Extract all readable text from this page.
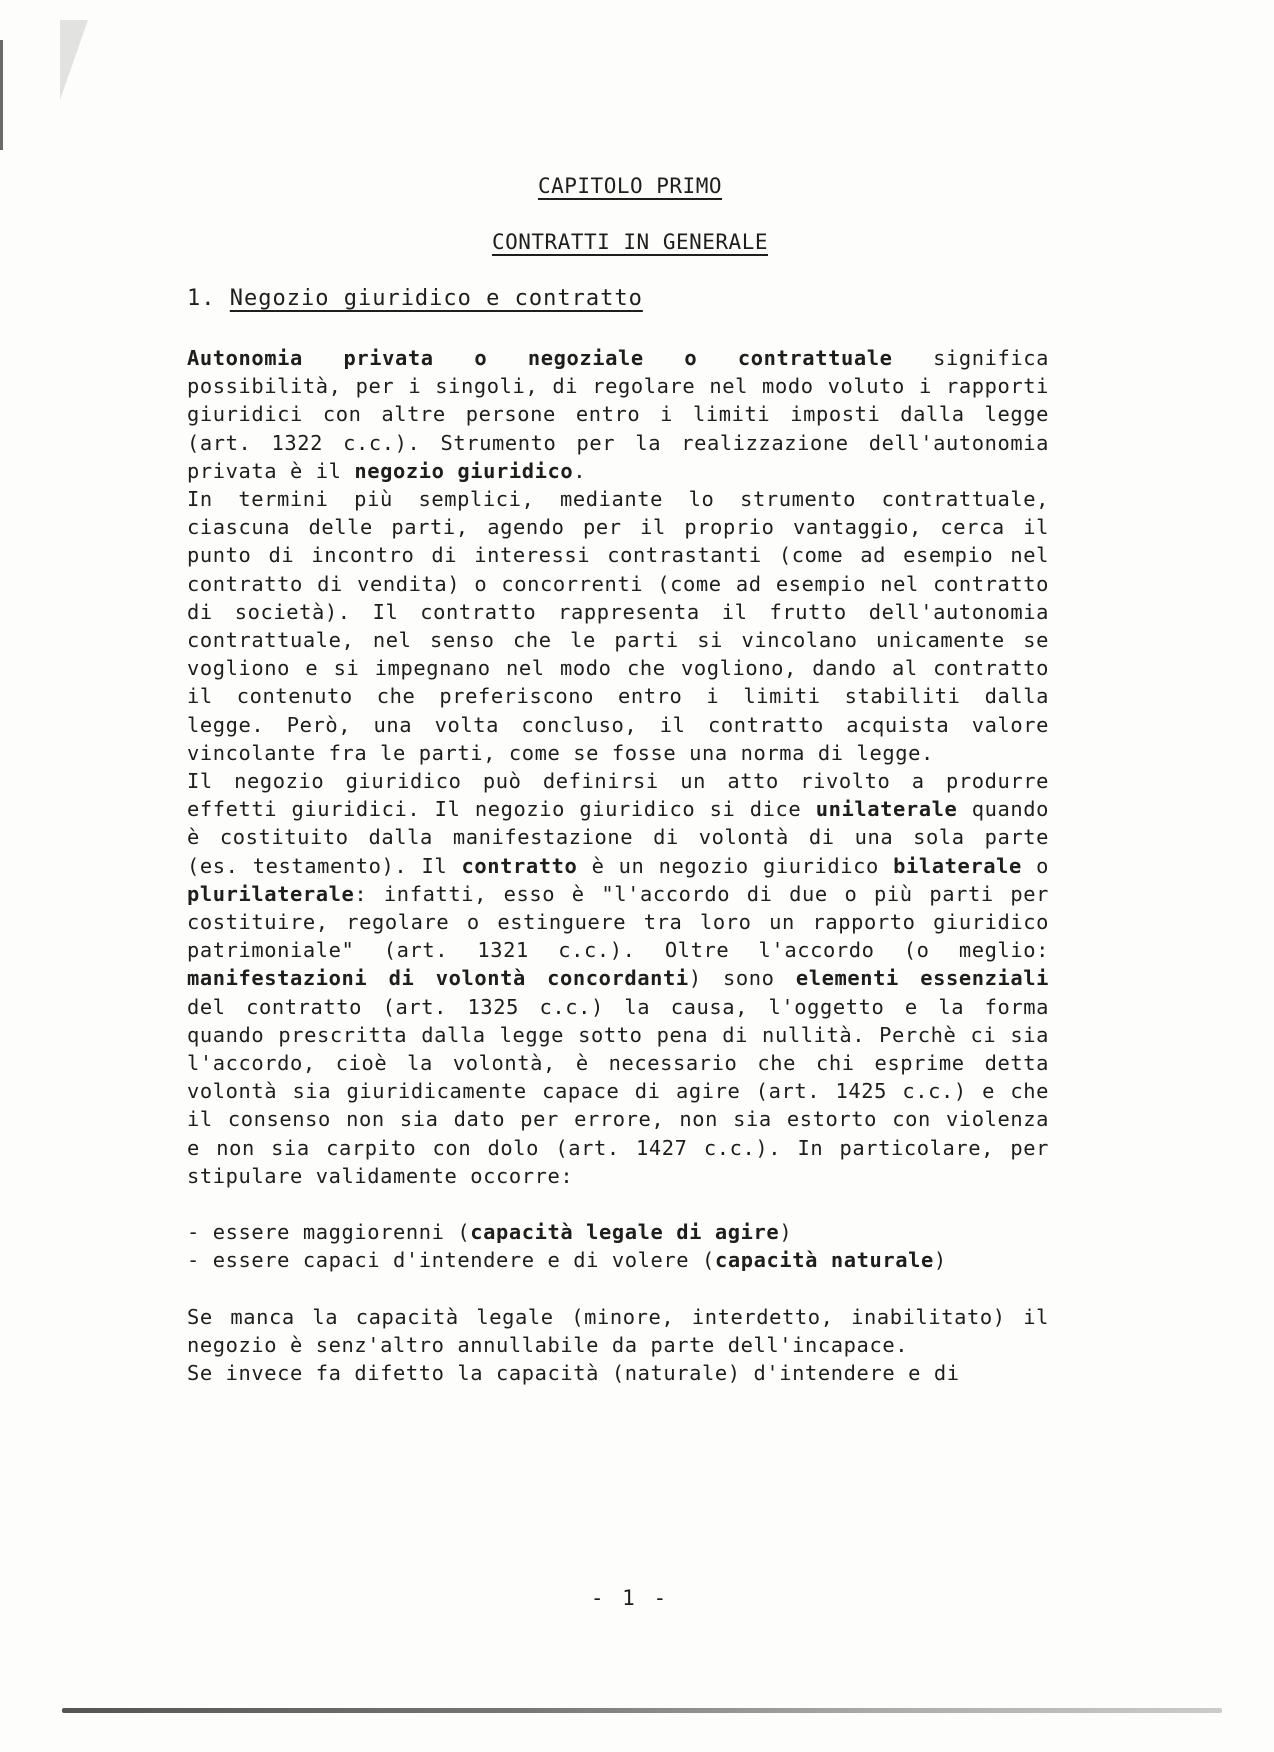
CAPITOLO PRIMO
CONTRATTI IN GENERALE
1. Negozio giuridico e contratto

Autonomia privata o negoziale o contrattuale significa possibilità, per i singoli, di regolare nel modo voluto i rapporti giuridici con altre persone entro i limiti imposti dalla legge (art. 1322 c.c.). Strumento per la realizzazione dell'autonomia privata è il negozio giuridico.

In termini più semplici, mediante lo strumento contrattuale, ciascuna delle parti, agendo per il proprio vantaggio, cerca il punto di incontro di interessi contrastanti (come ad esempio nel contratto di vendita) o concorrenti (come ad esempio nel contratto di società). Il contratto rappresenta il frutto dell'autonomia contrattuale, nel senso che le parti si vincolano unicamente se vogliono e si impegnano nel modo che vogliono, dando al contratto il contenuto che preferiscono entro i limiti stabiliti dalla legge. Però, una volta concluso, il contratto acquista valore vincolante fra le parti, come se fosse una norma di legge.

Il negozio giuridico può definirsi un atto rivolto a produrre effetti giuridici. Il negozio giuridico si dice unilaterale quando è costituito dalla manifestazione di volontà di una sola parte (es. testamento). Il contratto è un negozio giuridico bilaterale o plurilaterale: infatti, esso è "l'accordo di due o più parti per costituire, regolare o estinguere tra loro un rapporto giuridico patrimoniale" (art. 1321 c.c.). Oltre l'accordo (o meglio: manifestazioni di volontà concordanti) sono elementi essenziali del contratto (art. 1325 c.c.) la causa, l'oggetto e la forma quando prescritta dalla legge sotto pena di nullità. Perchè ci sia l'accordo, cioè la volontà, è necessario che chi esprime detta volontà sia giuridicamente capace di agire (art. 1425 c.c.) e che il consenso non sia dato per errore, non sia estorto con violenza e non sia carpito con dolo (art. 1427 c.c.). In particolare, per stipulare validamente occorre:

- essere maggiorenni (capacità legale di agire)
- essere capaci d'intendere e di volere (capacità naturale)

Se manca la capacità legale (minore, interdetto, inabilitato) il negozio è senz'altro annullabile da parte dell'incapace.

Se invece fa difetto la capacità (naturale) d'intendere e di

- 1 -
